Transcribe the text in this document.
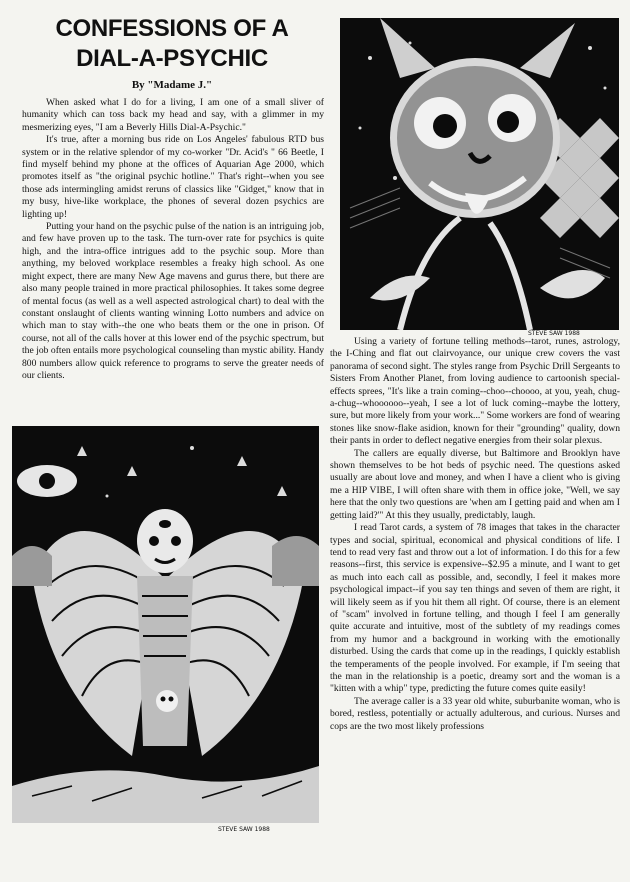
CONFESSIONS OF A
DIAL-A-PSYCHIC
By "Madame J."

When asked what I do for a living, I am one of a small sliver of humanity which can toss back my head and say, with a glimmer in my mesmerizing eyes, "I am a Beverly Hills Dial-A-Psychic."

It's true, after a morning bus ride on Los Angeles' fabulous RTD bus system or in the relative splendor of my co-worker "Dr. Acid's " 66 Beetle, I find myself behind my phone at the offices of Aquarian Age 2000, which promotes itself as "the original psychic hotline." That's right--when you see those ads intermingling amidst reruns of classics like "Gidget," know that in my busy, hive-like workplace, the phones of several dozen psychics are lighting up!

Putting your hand on the psychic pulse of the nation is an intriguing job, and few have proven up to the task. The turn-over rate for psychics is quite high, and the intra-office intrigues add to the psychic soup. More than anything, my beloved workplace resembles a freaky high school. As one might expect, there are many New Age mavens and gurus there, but there are also many people trained in more practical philosophies. It takes some degree of mental focus (as well as a well aspected astrological chart) to deal with the constant onslaught of clients wanting winning Lotto numbers and advice on which man to stay with--the one who beats them or the one in prison. Of course, not all of the calls hover at this lower end of the psychic spectrum, but the job often entails more psychological counseling than mystic ability. Handy 800 numbers allow quick reference to programs to serve the greater needs of our clients.

STEVE SAW 1988
STEVE SAW 1988

Using a variety of fortune telling methods--tarot, runes, astrology, the I-Ching and flat out clairvoyance, our unique crew covers the vast panorama of second sight. The styles range from Psychic Drill Sergeants to Sisters From Another Planet, from loving audience to cartoonish special-effects sprees, "It's like a train coming--choo--choooo, at you, yeah, chug-a-chug--whoooooo--yeah, I see a lot of luck coming--maybe the lottery, sure, but more likely from your work..." Some workers are fond of wearing stones like snow-flake asidion, known for their "grounding" quality, down their pants in order to deflect negative energies from their solar plexus.

The callers are equally diverse, but Baltimore and Brooklyn have shown themselves to be hot beds of psychic need. The questions asked usually are about love and money, and when I have a client who is giving me a HIP VIBE, I will often share with them in office joke, "Well, we say here that the only two questions are 'when am I getting paid and when am I getting laid?'" At this they usually, predictably, laugh.

I read Tarot cards, a system of 78 images that takes in the character types and social, spiritual, economical and physical conditions of life. I tend to read very fast and throw out a lot of information. I do this for a few reasons--first, this service is expensive--$2.95 a minute, and I want to get as much into each call as possible, and, secondly, I feel it makes more psychological impact--if you say ten things and seven of them are right, it will likely seem as if you hit them all right. Of course, there is an element of "scam" involved in fortune telling, and though I feel I am generally quite accurate and intuitive, most of the subtlety of my readings comes from my humor and a background in working with the emotionally disturbed. Using the cards that come up in the readings, I quickly establish the temperaments of the people involved. For example, if I'm seeing that the man in the relationship is a poetic, dreamy sort and the woman is a "kitten with a whip" type, predicting the future comes quite easily!

The average caller is a 33 year old white, suburbanite woman, who is bored, restless, potentially or actually adulterous, and curious. Nurses and cops are the two most likely professions
